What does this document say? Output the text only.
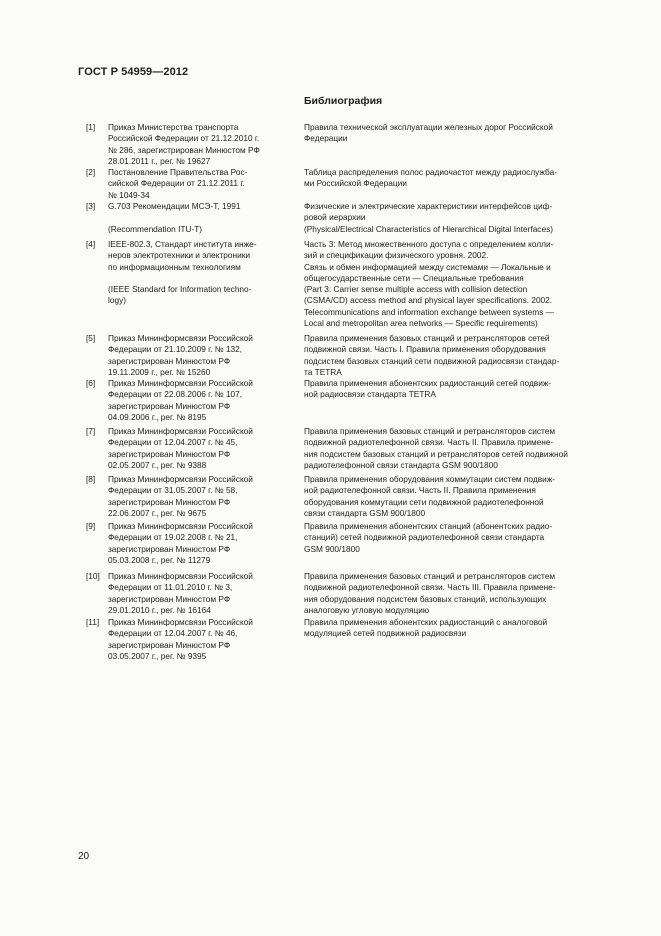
ГОСТ Р 54959—2012
Библиография
[1] Приказ Министерства транспорта
Российской Федерации от 21.12.2010 г.
№ 286, зарегистрирован Минюстом РФ
28.01.2011 г., рег. № 19627
Правила технической эксплуатации железных дорог Российской
Федерации
[2] Постановление Правительства Рос-
сийской Федерации от 21.12.2011 г.
№ 1049-34
Таблица распределения полос радиочастот между радиослужба-
ми Российской Федерации
[3] G.703 Рекомендации МСЭ-Т, 1991

(Recommendation ITU-T)
Физические и электрические характеристики интерфейсов циф-
ровой иерархии
(Physical/Electrical Characteristics of Hierarchical Digital Interfaces)
[4] IEEE-802.3, Стандарт института инже-
неров электротехники и электроники
по информационным технологиям

(IEEE Standard for Information techno-
logy)
Часть 3: Метод множественного доступа с определением колли-
зий и спецификации физического уровня. 2002.
Связь и обмен информацией между системами — Локальные и
общегосударственные сети — Специальные требования
(Part 3: Carrier sense multiple access with collision detection
(CSMA/CD) access method and physical layer specifications. 2002.
Telecommunications and information exchange between systems —
Local and metropolitan area networks — Specific requirements)
[5] Приказ Мининформсвязи Российской
Федерации от 21.10.2009 г. № 132,
зарегистрирован Минюстом РФ
19.11.2009 г., рег. № 15260
Правила применения базовых станций и ретрансляторов сетей
подвижной связи. Часть I. Правила применения оборудования
подсистем базовых станций сети подвижной радиосвязи стандар-
та TETRA
[6] Приказ Мининформсвязи Российской
Федерации от 22.08.2006 г. № 107,
зарегистрирован Минюстом РФ
04.09.2006 г., рег. № 8195
Правила применения абонентских радиостанций сетей подвиж-
ной радиосвязи стандарта TETRA
[7] Приказ Мининформсвязи Российской
Федерации от 12.04.2007 г. № 45,
зарегистрирован Минюстом РФ
02.05.2007 г., рег. № 9388
Правила применения базовых станций и ретрансляторов систем
подвижной радиотелефонной связи. Часть II. Правила примене-
ния подсистем базовых станций и ретрансляторов сетей подвижной
радиотелефонной связи стандарта GSM 900/1800
[8] Приказ Мининформсвязи Российской
Федерации от 31.05.2007 г. № 58,
зарегистрирован Минюстом РФ
22.06.2007 г., рег. № 9675
Правила применения оборудования коммутации систем подвиж-
ной радиотелефонной связи. Часть II. Правила применения
оборудования коммутации сети подвижной радиотелефонной
связи стандарта GSM 900/1800
[9] Приказ Мининформсвязи Российской
Федерации от 19.02.2008 г. № 21,
зарегистрирован Минюстом РФ
05.03.2008 г., рег. № 11279
Правила применения абонентских станций (абонентских радио-
станций) сетей подвижной радиотелефонной связи стандарта
GSM 900/1800
[10] Приказ Мининформсвязи Российской
Федерации от 11.01.2010 г. № 3,
зарегистрирован Минюстом РФ
29.01.2010 г., рег. № 16164
Правила применения базовых станций и ретрансляторов систем
подвижной радиотелефонной связи. Часть III. Правила примене-
ния оборудования подсистем базовых станций, использующих
аналоговую угловую модуляцию
[11] Приказ Мининформсвязи Российской
Федерации от 12.04.2007 г. № 46,
зарегистрирован Минюстом РФ
03.05.2007 г., рег. № 9395
Правила применения абонентских радиостанций с аналоговой
модуляцией сетей подвижной радиосвязи
20
